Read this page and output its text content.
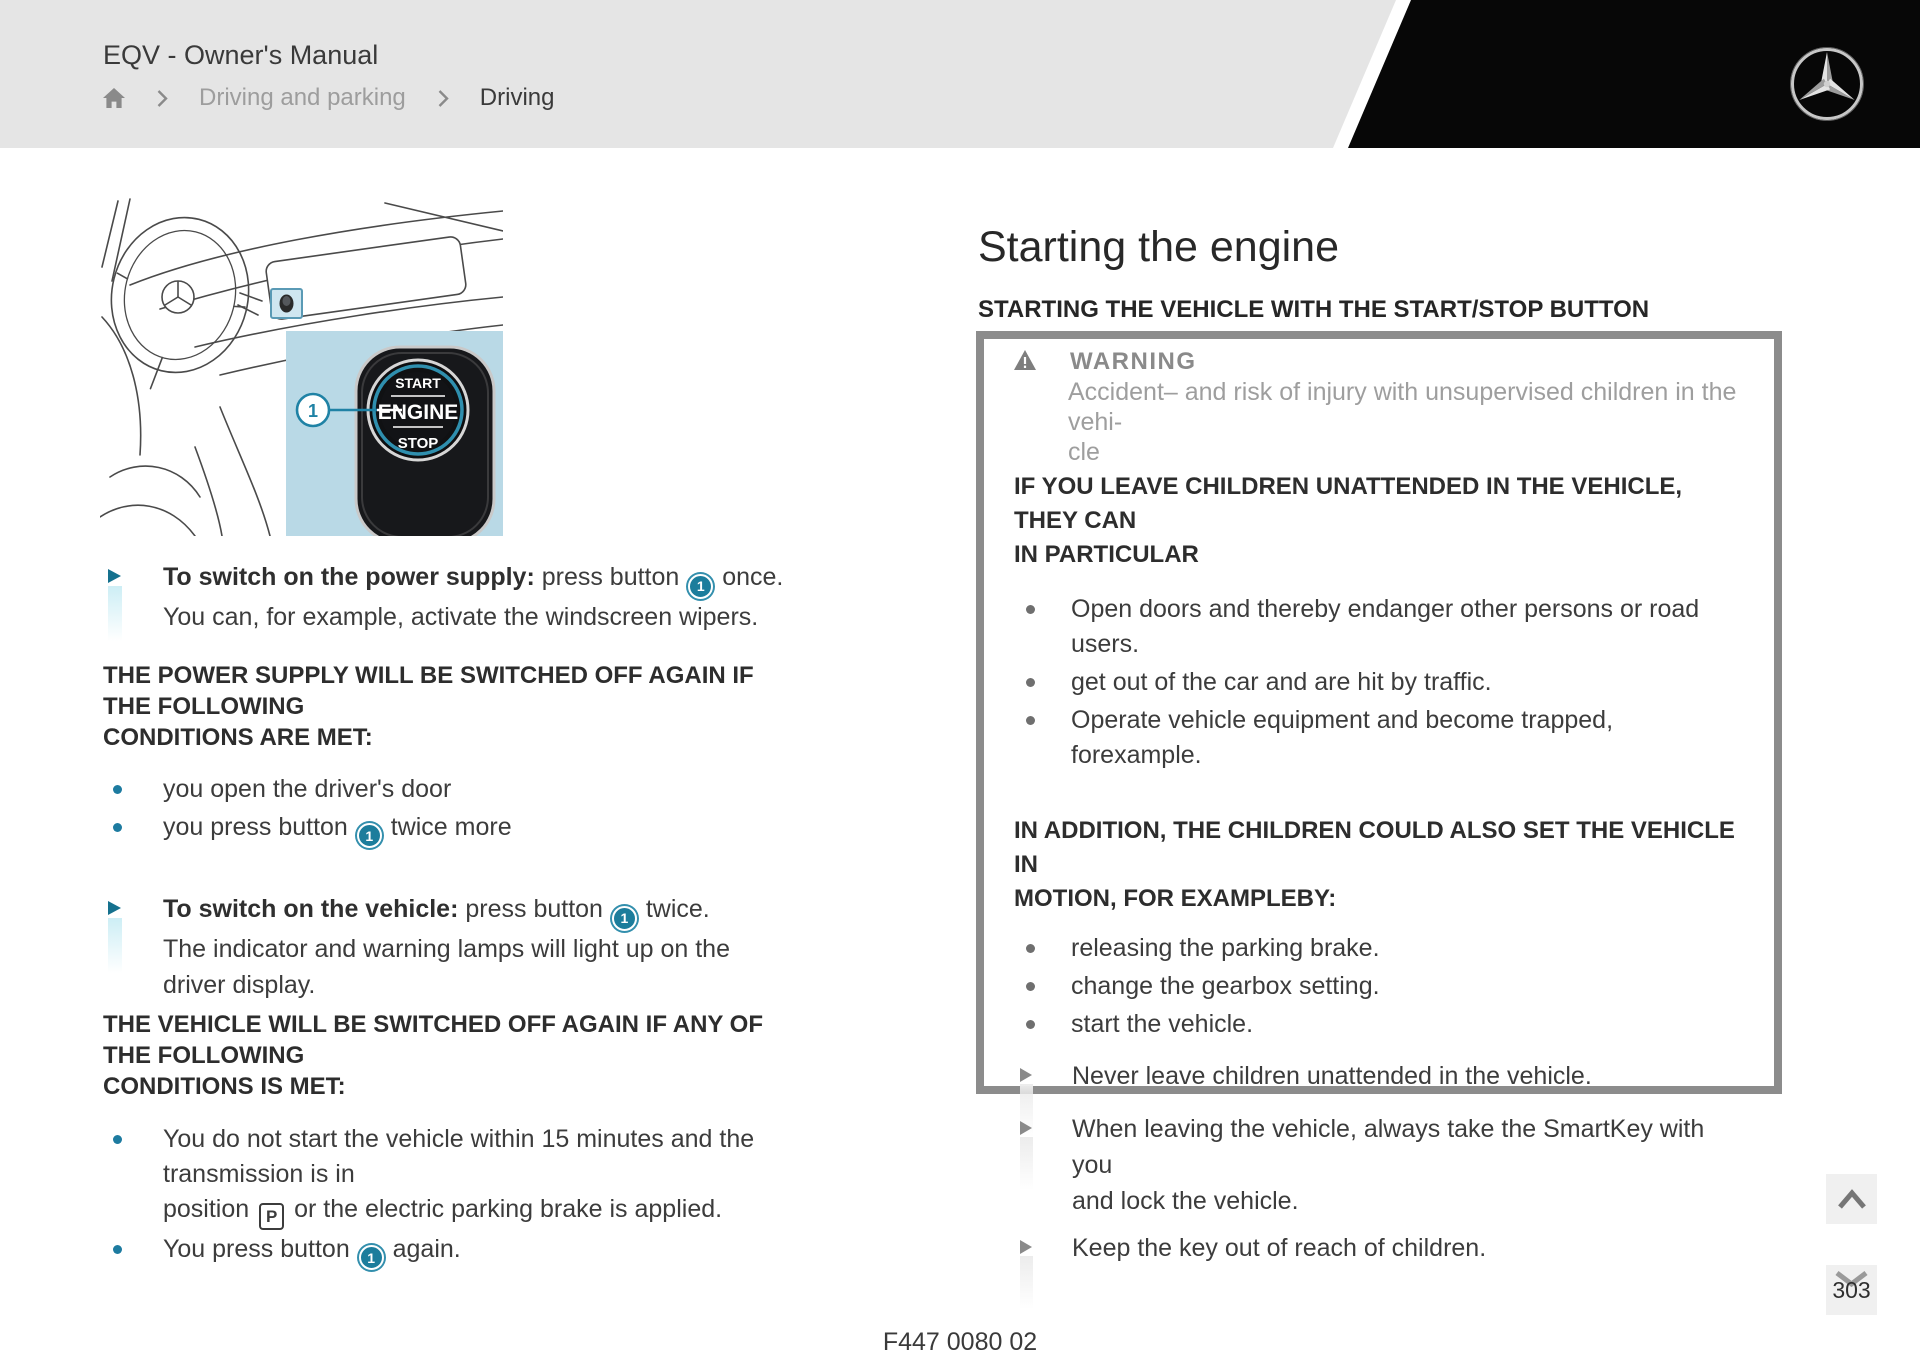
EQV - Owner's Manual
Driving and parking	Driving
START
ENGINE
STOP
1
To switch on the power supply: press button 1 once.
You can, for example, activate the windscreen wipers.
THE POWER SUPPLY WILL BE SWITCHED OFF AGAIN IF THE FOLLOWING
CONDITIONS ARE MET:
you open the driver's door
you press button 1 twice more
To switch on the vehicle: press button 1 twice.
The indicator and warning lamps will light up on the driver display.
THE VEHICLE WILL BE SWITCHED OFF AGAIN IF ANY OF THE FOLLOWING
CONDITIONS IS MET:
You do not start the vehicle within 15 minutes and the transmission is in
position P or the electric parking brake is applied.
You press button 1 again.
Starting the engine
STARTING THE VEHICLE WITH THE START/STOP BUTTON
WARNING
Accident– and risk of injury with unsupervised children in the vehi-
cle
IF YOU LEAVE CHILDREN UNATTENDED IN THE VEHICLE, THEY CAN
IN PARTICULAR
Open doors and thereby endanger other persons or road users.
get out of the car and are hit by traffic.
Operate vehicle equipment and become trapped, forexample.
IN ADDITION, THE CHILDREN COULD ALSO SET THE VEHICLE IN
MOTION, FOR EXAMPLEBY:
releasing the parking brake.
change the gearbox setting.
start the vehicle.
Never leave children unattended in the vehicle.
When leaving the vehicle, always take the SmartKey with you
and lock the vehicle.
Keep the key out of reach of children.
F447 0080 02
303
